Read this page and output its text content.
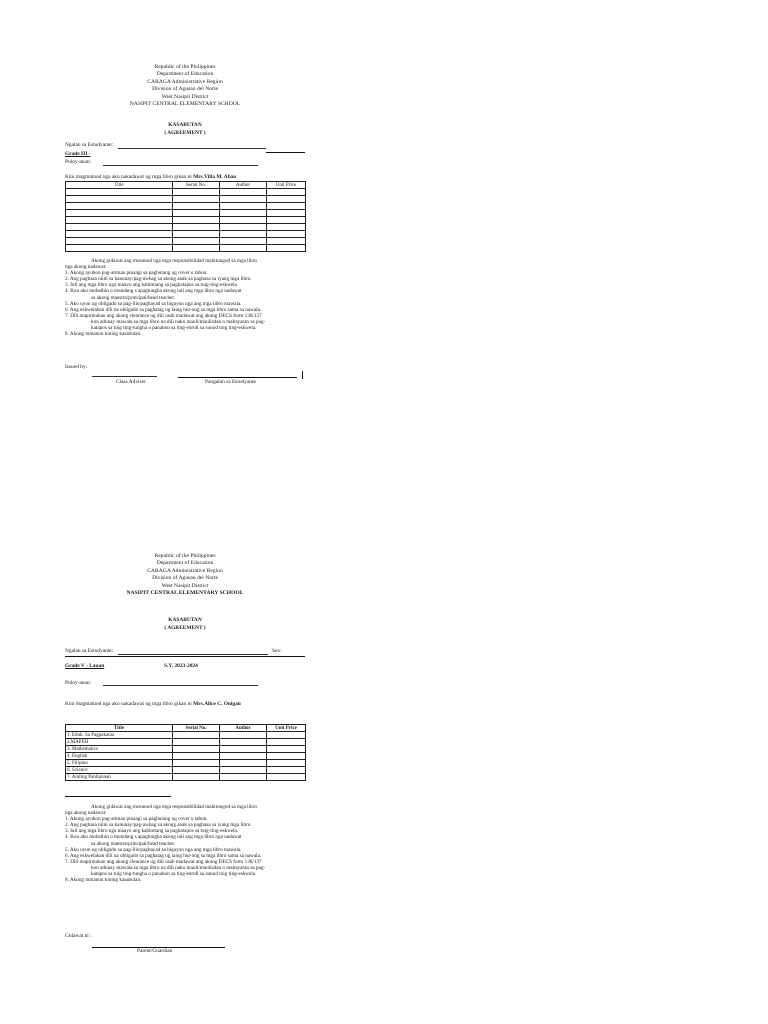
Republic of the Philippines
Department of Education
CARAGA Administrative Region
Division of Agusan del Norte
West Nasipit District
NASIPIT CENTRAL ELEMENTARY SCHOOL
KASABUTAN
( AGREEMENT )
Ngalan sa Estudyante:
Grade III -
Puloy-anan:
Kini magmatuod nga ako nakadawat ug mga libro gikan ni Mrs.Villa M. Abao
Title	Serial No.	Author	Unit Price

Akong gidawat ang mosunod nga mga responsibilidad mahitungod sa mga libro

nga akong nadawat:

1. Akong ayuhon pag-atiman pinaagi sa pagbutang ug cover o tabon.

2. Ang pagbasa niini sa kanunay/pag-awhag sa akong anak sa pagbasa sa iyang mga libro.

3. Iuli ang mga libro nga maayo ang kahimtang sa pagkatapos sa tuig-ting-eskwela.

4. Kon ako mobalhin o mundang s apagtungha akong iuli ang mga libro nga nadawat

sa akong maestra/principal/head teacher.

5. Ako uyon og obligado sa pag-ilis/pagbayad sa bigayon nga ang mga libro mawala.

6. Ang eskwelahan dili na obligado sa paghatag ug laing hut-ong sa mga libro sama sa nawala.

7. Dili mapirmahan ang akong clearance ug dili usab madawat ang akong DECS form 138/137

kon adunay mawala sa mga libro na dili nako mauli/maulisdan o mabayaran sa pag-

katapos sa tuig ting-tungha o panahon sa ting-enroll sa sunod tuig ting-eskwela.

8. Akong tumanon kining kasabutan.

Issued by:
Class Adviser	Pangalan sa Estudyante
Republic of the Philippines
Department of Education
CARAGA Administrative Region
Division of Agusan del Norte
West Nasipit District
NASIPIT CENTRAL ELEMENTARY SCHOOL
KASABUTAN
( AGREEMENT )
Ngalan sa Estudyante:	Sex:
Grade V - Lauan	S.Y. 2023-2024
Puloy-anan:
Kini magmatuod nga ako nakadawat ug mga libro gikan ni Mrs.Alice C. Onigan
Title	Serial No.	Author	Unit Price
1. Eduk. Sa Pagpakatao			
2.MAPEH			
3. Mathematics			
4. English			
5. Filipino			
6. Science			
7. Araling Panlipunan			

Akong gidawat ang mosunod nga mga responsibilidad mahitungod sa mga libro

nga akong nadawat:

1. Akong ayuhon pag-atiman pinaagi sa pagbutang ug cover o tabon.

2. Ang pagbasa niini sa kanunay/pag-awhag sa akong anak sa pagbasa sa iyang mga libro.

3. Iuli ang mga libro nga maayo ang kahimtang sa pagkatapos sa tuig-ting-eskwela.

4. Kon ako mobalhin o mundang s apagtungha akong iuli ang mga libro nga nadawat

sa akong maestra/principal/head teacher.

5. Ako uyon og obligado sa pag-ilis/pagbayad sa bigayon nga ang mga libro mawala.

6. Ang eskwelahan dili na obligado sa paghatag ug laing hut-ong sa mga libro sama sa nawala.

7. Dili mapirmahan ang akong clearance ug dili usab madawat ang akong DECS form 138/137

kon adunay mawala sa mga libro na dili nako mauli/maulisdan o mabayaran sa pag-

katapos sa tuig ting-tungha o panahon sa ting-enroll sa sunod tuig ting-eskwela.

8. Akong tumanon kining kasabutan.

Gidawat ni :
Parent/Guardian
